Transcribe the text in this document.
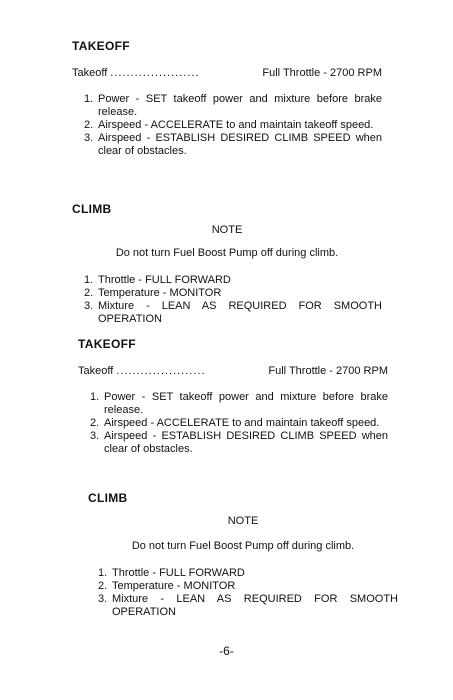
TAKEOFF

Takeoff ......................	Full Throttle - 2700 RPM
1. Power - SET takeoff power and mixture before brake release.
2. Airspeed - ACCELERATE to and maintain takeoff speed.
3. Airspeed - ESTABLISH DESIRED CLIMB SPEED when clear of obstacles.

CLIMB

NOTE

Do not turn Fuel Boost Pump off during climb.

1. Throttle - FULL FORWARD
2. Temperature - MONITOR
3. Mixture - LEAN AS REQUIRED FOR SMOOTH OPERATION

TAKEOFF

Takeoff ......................	Full Throttle - 2700 RPM
1. Power - SET takeoff power and mixture before brake release.
2. Airspeed - ACCELERATE to and maintain takeoff speed.
3. Airspeed - ESTABLISH DESIRED CLIMB SPEED when clear of obstacles.

CLIMB

NOTE

Do not turn Fuel Boost Pump off during climb.

1. Throttle - FULL FORWARD
2. Temperature - MONITOR
3. Mixture - LEAN AS REQUIRED FOR SMOOTH OPERATION
-6-
